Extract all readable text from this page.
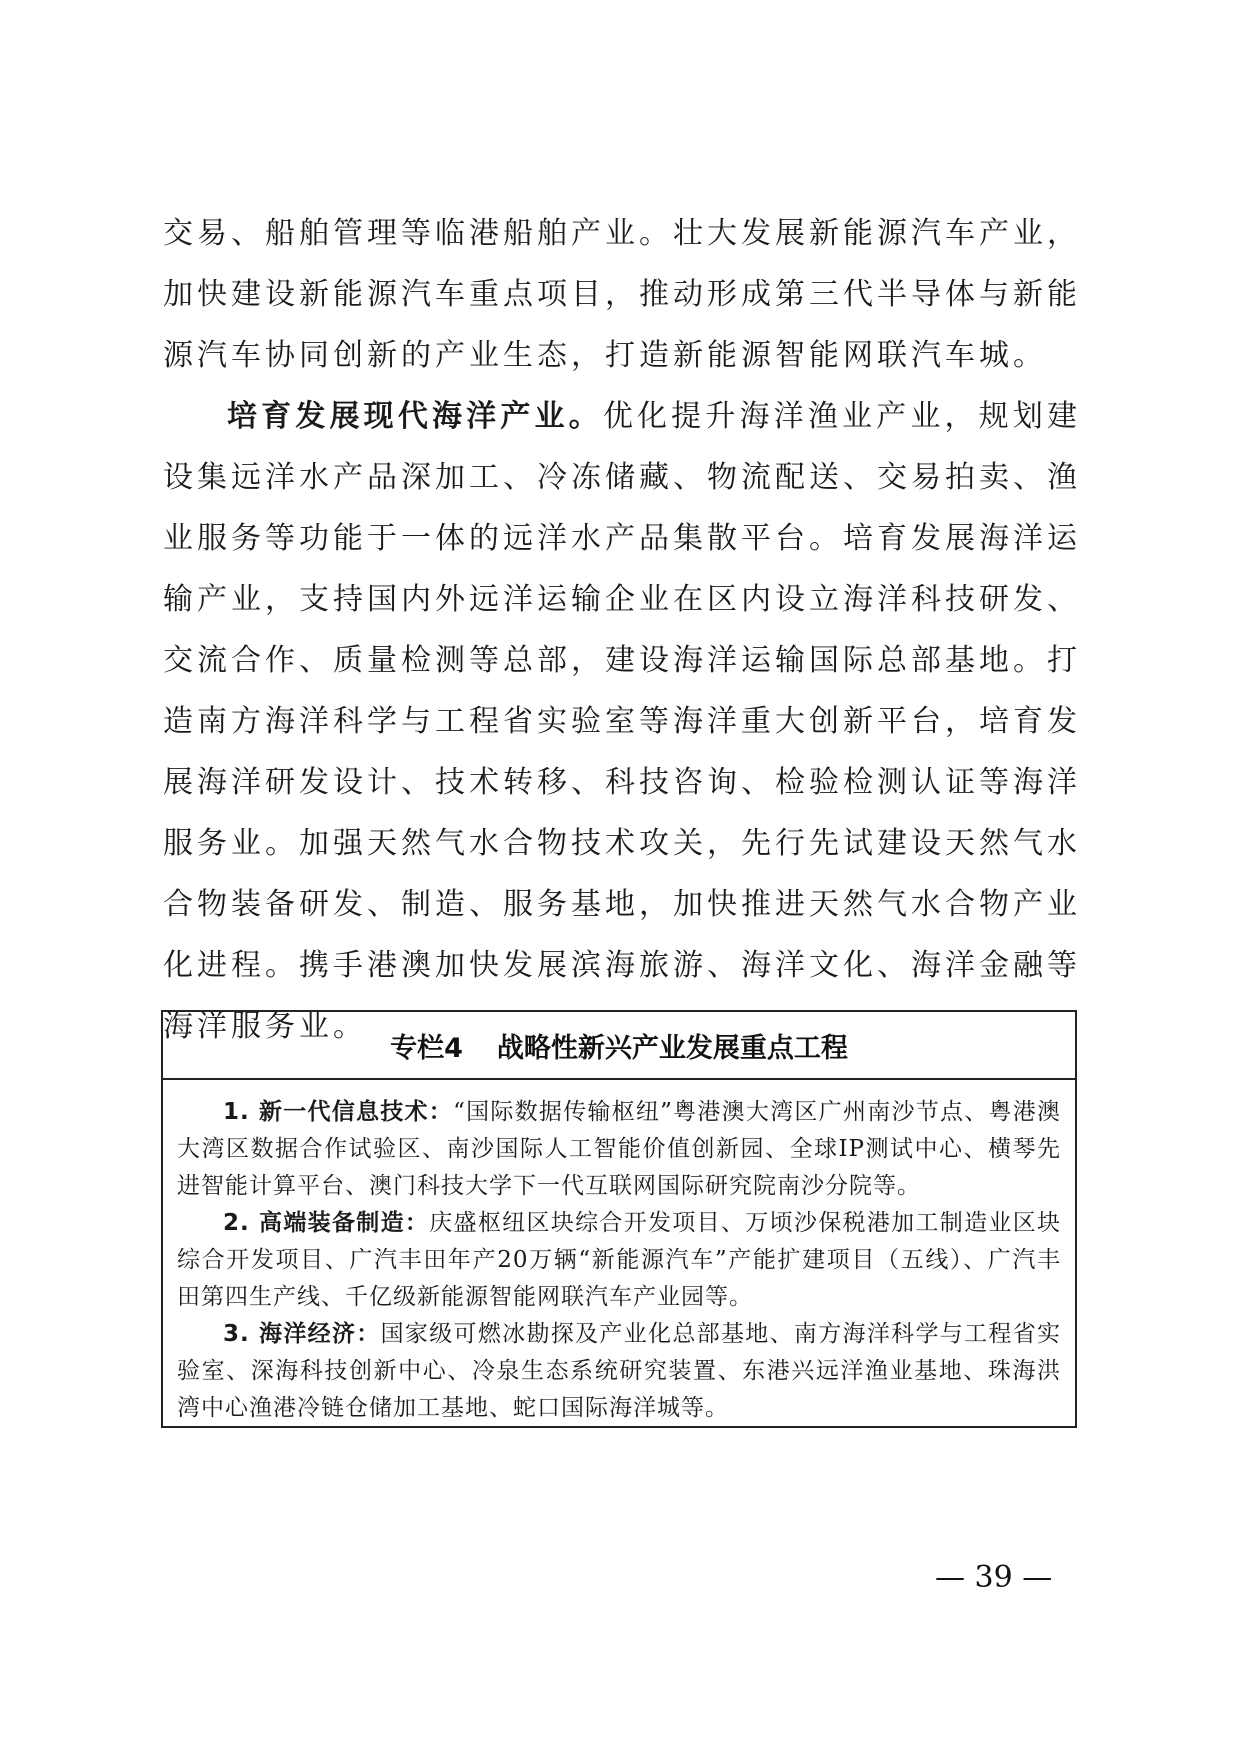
交易、船舶管理等临港船舶产业。壮大发展新能源汽车产业，加快建设新能源汽车重点项目，推动形成第三代半导体与新能源汽车协同创新的产业生态，打造新能源智能网联汽车城。

培育发展现代海洋产业。优化提升海洋渔业产业，规划建设集远洋水产品深加工、冷冻储藏、物流配送、交易拍卖、渔业服务等功能于一体的远洋水产品集散平台。培育发展海洋运输产业，支持国内外远洋运输企业在区内设立海洋科技研发、交流合作、质量检测等总部，建设海洋运输国际总部基地。打造南方海洋科学与工程省实验室等海洋重大创新平台，培育发展海洋研发设计、技术转移、科技咨询、检验检测认证等海洋服务业。加强天然气水合物技术攻关，先行先试建设天然气水合物装备研发、制造、服务基地，加快推进天然气水合物产业化进程。携手港澳加快发展滨海旅游、海洋文化、海洋金融等海洋服务业。

专栏4 战略性新兴产业发展重点工程

1. 新一代信息技术：“国际数据传输枢纽”粤港澳大湾区广州南沙节点、粤港澳大湾区数据合作试验区、南沙国际人工智能价值创新园、全球IP测试中心、横琴先进智能计算平台、澳门科技大学下一代互联网国际研究院南沙分院等。

2. 高端装备制造：庆盛枢纽区块综合开发项目、万顷沙保税港加工制造业区块综合开发项目、广汽丰田年产20万辆“新能源汽车”产能扩建项目（五线）、广汽丰田第四生产线、千亿级新能源智能网联汽车产业园等。

3. 海洋经济：国家级可燃冰勘探及产业化总部基地、南方海洋科学与工程省实验室、深海科技创新中心、冷泉生态系统研究装置、东港兴远洋渔业基地、珠海洪湾中心渔港冷链仓储加工基地、蛇口国际海洋城等。

— 39 —
